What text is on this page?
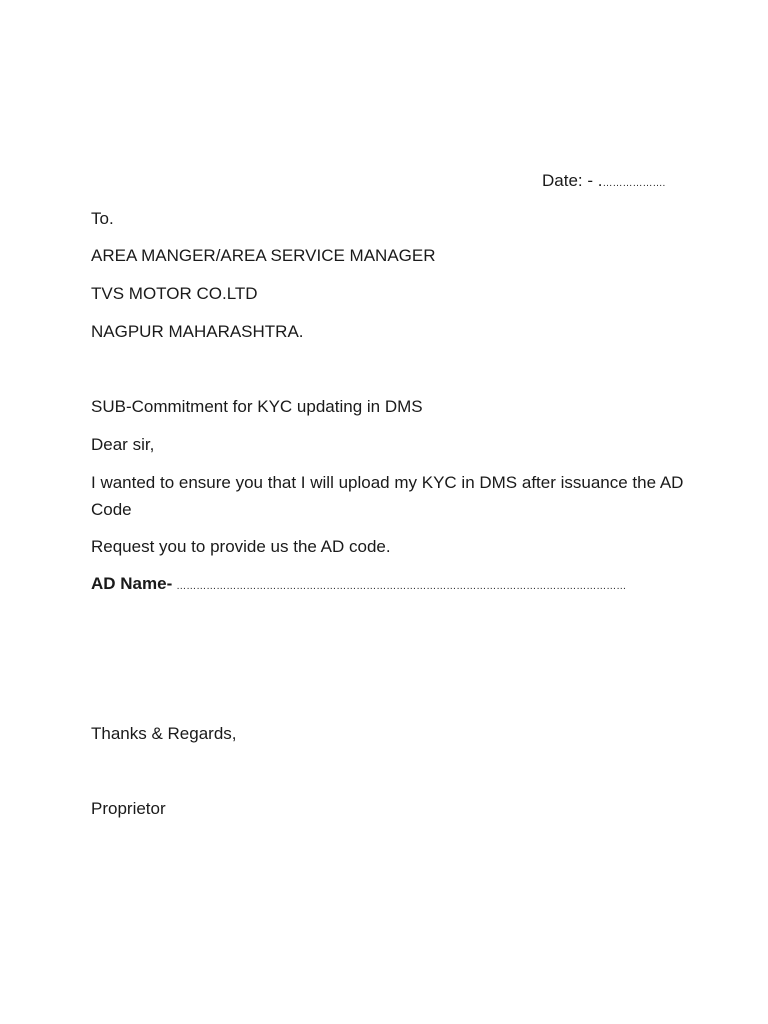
Date: - .……………….
To.
AREA MANGER/AREA SERVICE MANAGER
TVS MOTOR CO.LTD
NAGPUR MAHARASHTRA.
SUB-Commitment for KYC updating in DMS
Dear sir,
I wanted to ensure you that I will upload my KYC in DMS after issuance the AD Code
Request you to provide us the AD code.
AD Name- ………………………………………………………………………………………………………………………
Thanks & Regards,
Proprietor
